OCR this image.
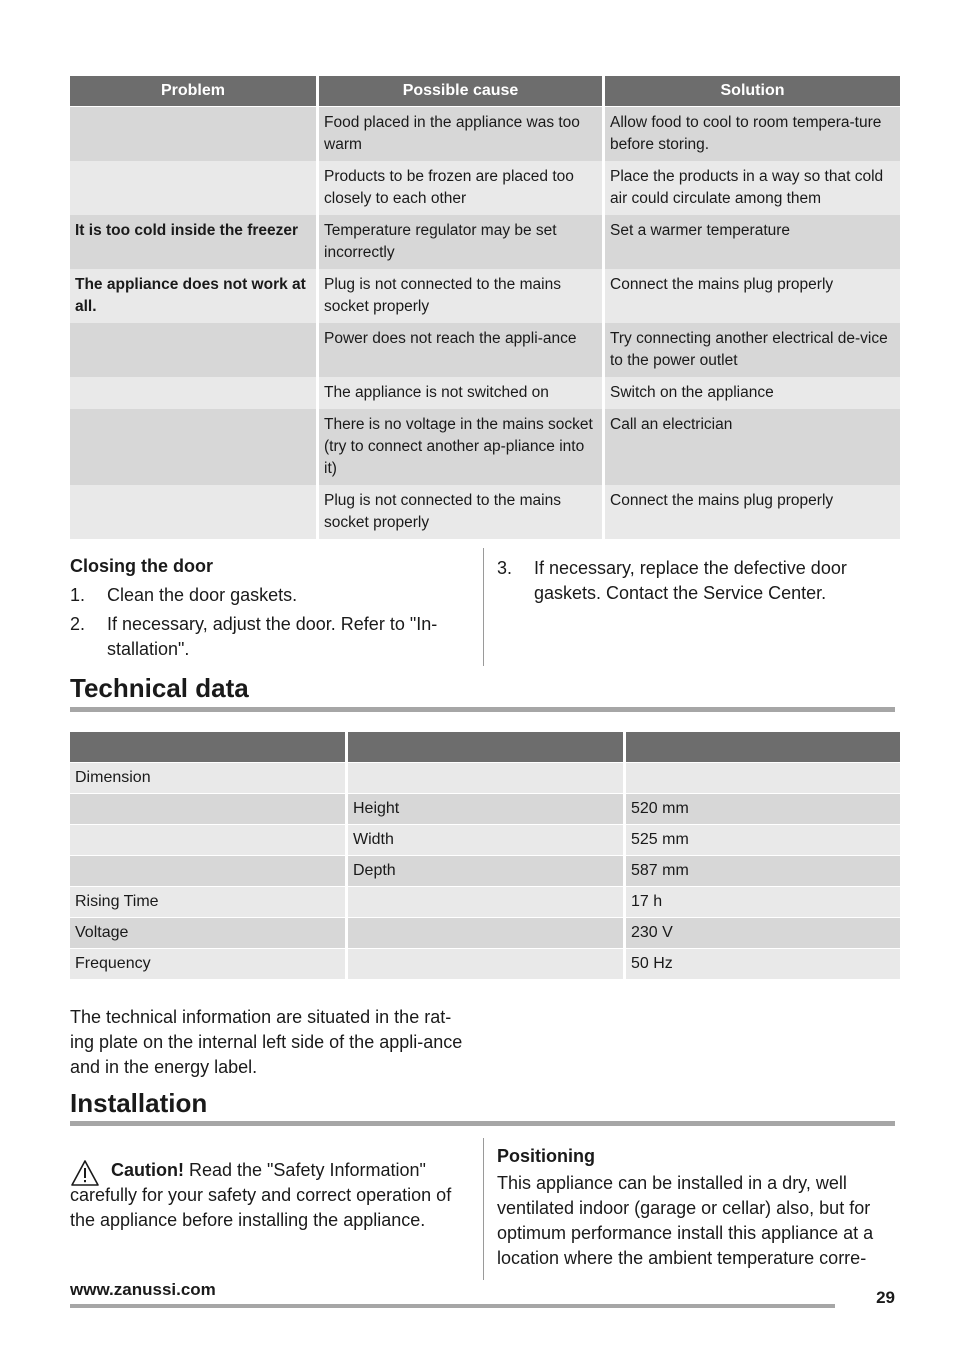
Problem	Possible cause	Solution
	Food placed in the appliance was too warm	Allow food to cool to room tempera-ture before storing.
	Products to be frozen are placed too closely to each other	Place the products in a way so that cold air could circulate among them
It is too cold inside the freezer	Temperature regulator may be set incorrectly	Set a warmer temperature
The appliance does not work at all.	Plug is not connected to the mains socket properly	Connect the mains plug properly
	Power does not reach the appli-ance	Try connecting another electrical de-vice to the power outlet
	The appliance is not switched on	Switch on the appliance
	There is no voltage in the mains socket (try to connect another ap-pliance into it)	Call an electrician
	Plug is not connected to the mains socket properly	Connect the mains plug properly
Closing the door
1. Clean the door gaskets.
2. If necessary, adjust the door. Refer to "In-stallation".
3. If necessary, replace the defective door gaskets. Contact the Service Center.
Technical data

Dimension		
	Height	520 mm
	Width	525 mm
	Depth	587 mm
Rising Time		17 h
Voltage		230 V
Frequency		50 Hz

The technical information are situated in the rat-ing plate on the internal left side of the appli-ance and in the energy label.

Installation

Caution! Read the "Safety Information" carefully for your safety and correct operation of the appliance before installing the appliance.

Positioning

This appliance can be installed in a dry, well ventilated indoor (garage or cellar) also, but for optimum performance install this appliance at a location where the ambient temperature corre-

www.zanussi.com	29
